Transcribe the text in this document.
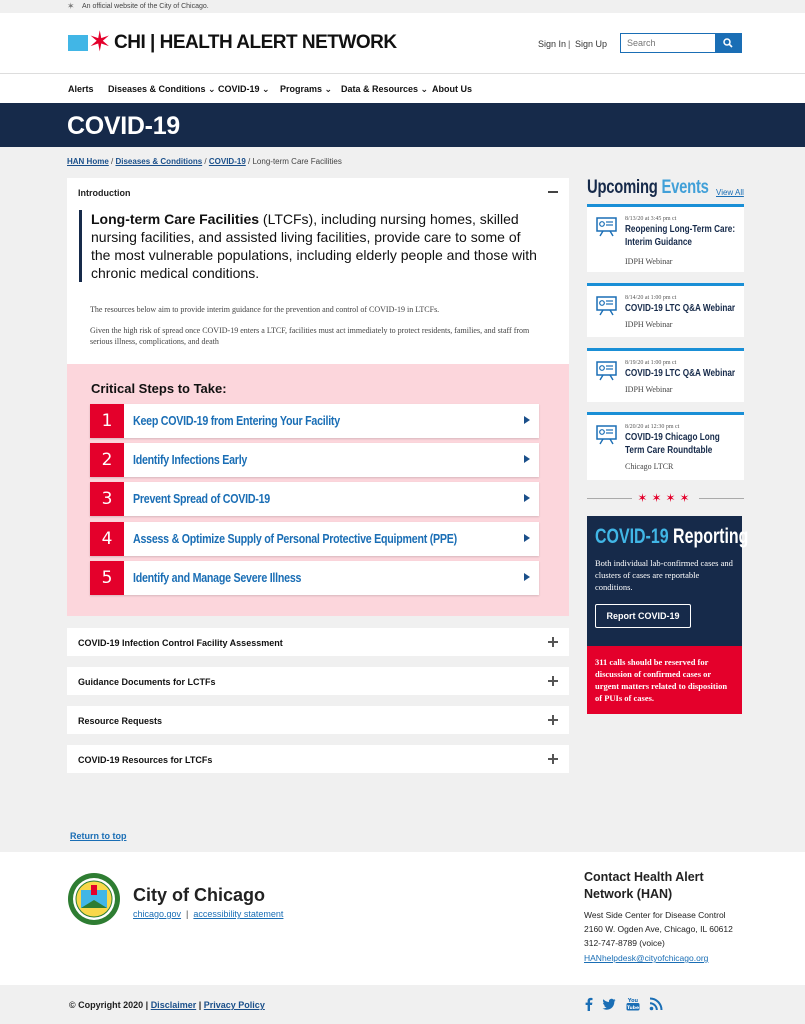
✶ An official website of the City of Chicago.
✶ CHI | HEALTH ALERT NETWORK	Sign In | Sign Up
Search
Alerts Diseases & Conditions ⌄ COVID-19 ⌄ Programs ⌄ Data & Resources ⌄ About Us
COVID-19
HAN Home / Diseases & Conditions / COVID-19 / Long-term Care Facilities
Introduction
Long-term Care Facilities (LTCFs), including nursing homes, skilled nursing facilities, and assisted living facilities, provide care to some of the most vulnerable populations, including elderly people and those with chronic medical conditions.
The resources below aim to provide interim guidance for the prevention and control of COVID-19 in LTCFs.
Given the high risk of spread once COVID-19 enters a LTCF, facilities must act immediately to protect residents, families, and staff from serious illness, complications, and death
Critical Steps to Take:
1	Keep COVID-19 from Entering Your Facility
2	Identify Infections Early
3	Prevent Spread of COVID-19
4	Assess & Optimize Supply of Personal Protective Equipment (PPE)
5	Identify and Manage Severe Illness
COVID-19 Infection Control Facility Assessment
Guidance Documents for LCTFs
Resource Requests
COVID-19 Resources for LTCFs
Upcoming Events View All
8/13/20 at 3:45 pm ct
Reopening Long-Term Care: Interim Guidance
IDPH Webinar
8/14/20 at 1:00 pm ct
COVID-19 LTC Q&A Webinar
IDPH Webinar
8/19/20 at 1:00 pm ct
COVID-19 LTC Q&A Webinar
IDPH Webinar
8/20/20 at 12:30 pm ct
COVID-19 Chicago Long Term Care Roundtable
Chicago LTCR
✶✶✶✶
COVID-19 Reporting
Both individual lab-confirmed cases and clusters of cases are reportable conditions.
Report COVID-19
311 calls should be reserved for discussion of confirmed cases or urgent matters related to disposition of PUIs of cases.
Return to top
City of Chicago
chicago.gov  |  accessibility statement
Contact Health Alert Network (HAN)
West Side Center for Disease Control
2160 W. Ogden Ave, Chicago, IL 60612
312-747-8789 (voice)
HANhelpdesk@cityofchicago.org
© Copyright 2020 | Disclaimer | Privacy Policy	You
Tube
